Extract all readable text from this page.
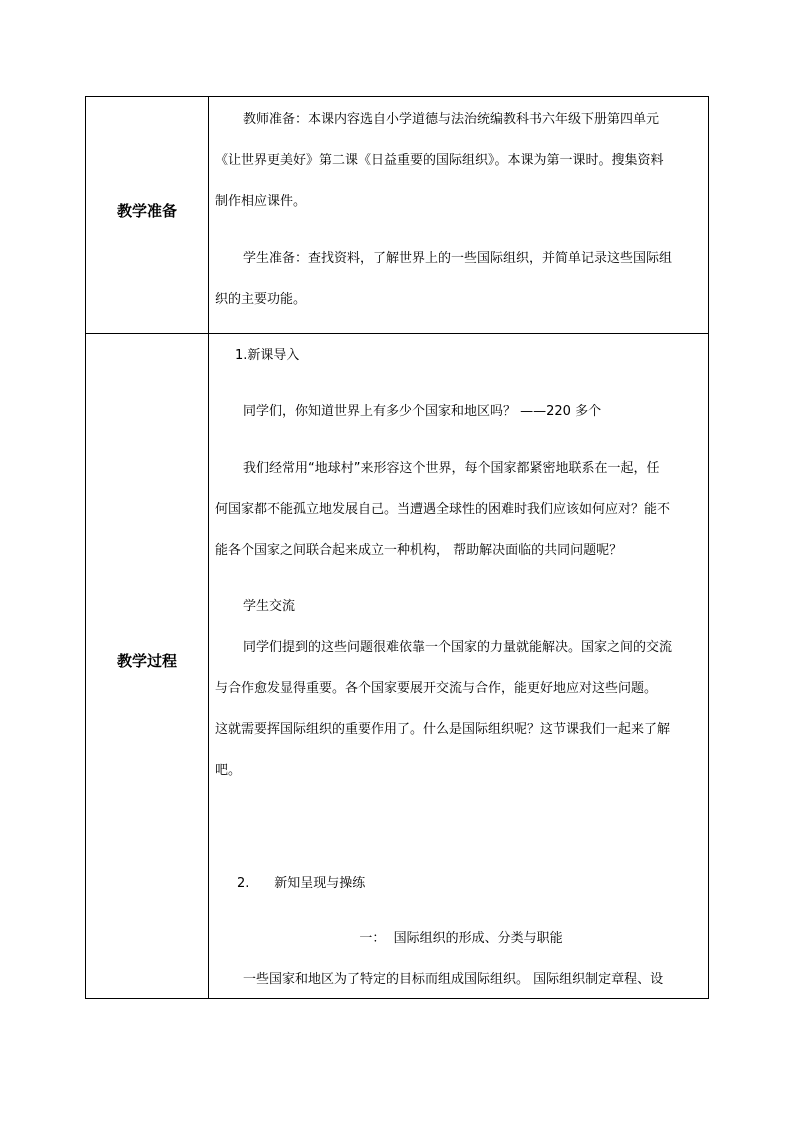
教学准备
教师准备：本课内容选自小学道德与法治统编教科书六年级下册第四单元
《让世界更美好》第二课《日益重要的国际组织》。本课为第一课时。搜集资料
制作相应课件。
学生准备：查找资料，了解世界上的一些国际组织，并简单记录这些国际组
织的主要功能。
教学过程
1.新课导入
同学们，你知道世界上有多少个国家和地区吗？ ——220 多个
我们经常用“地球村”来形容这个世界，每个国家都紧密地联系在一起，任
何国家都不能孤立地发展自己。当遭遇全球性的困难时我们应该如何应对？能不
能各个国家之间联合起来成立一种机构， 帮助解决面临的共同问题呢？
学生交流
同学们提到的这些问题很难依靠一个国家的力量就能解决。国家之间的交流
与合作愈发显得重要。各个国家要展开交流与合作，能更好地应对这些问题。
这就需要挥国际组织的重要作用了。什么是国际组织呢？这节课我们一起来了解
吧。
2.      新知呈现与操练
一：  国际组织的形成、分类与职能
一些国家和地区为了特定的目标而组成国际组织。 国际组织制定章程、设
